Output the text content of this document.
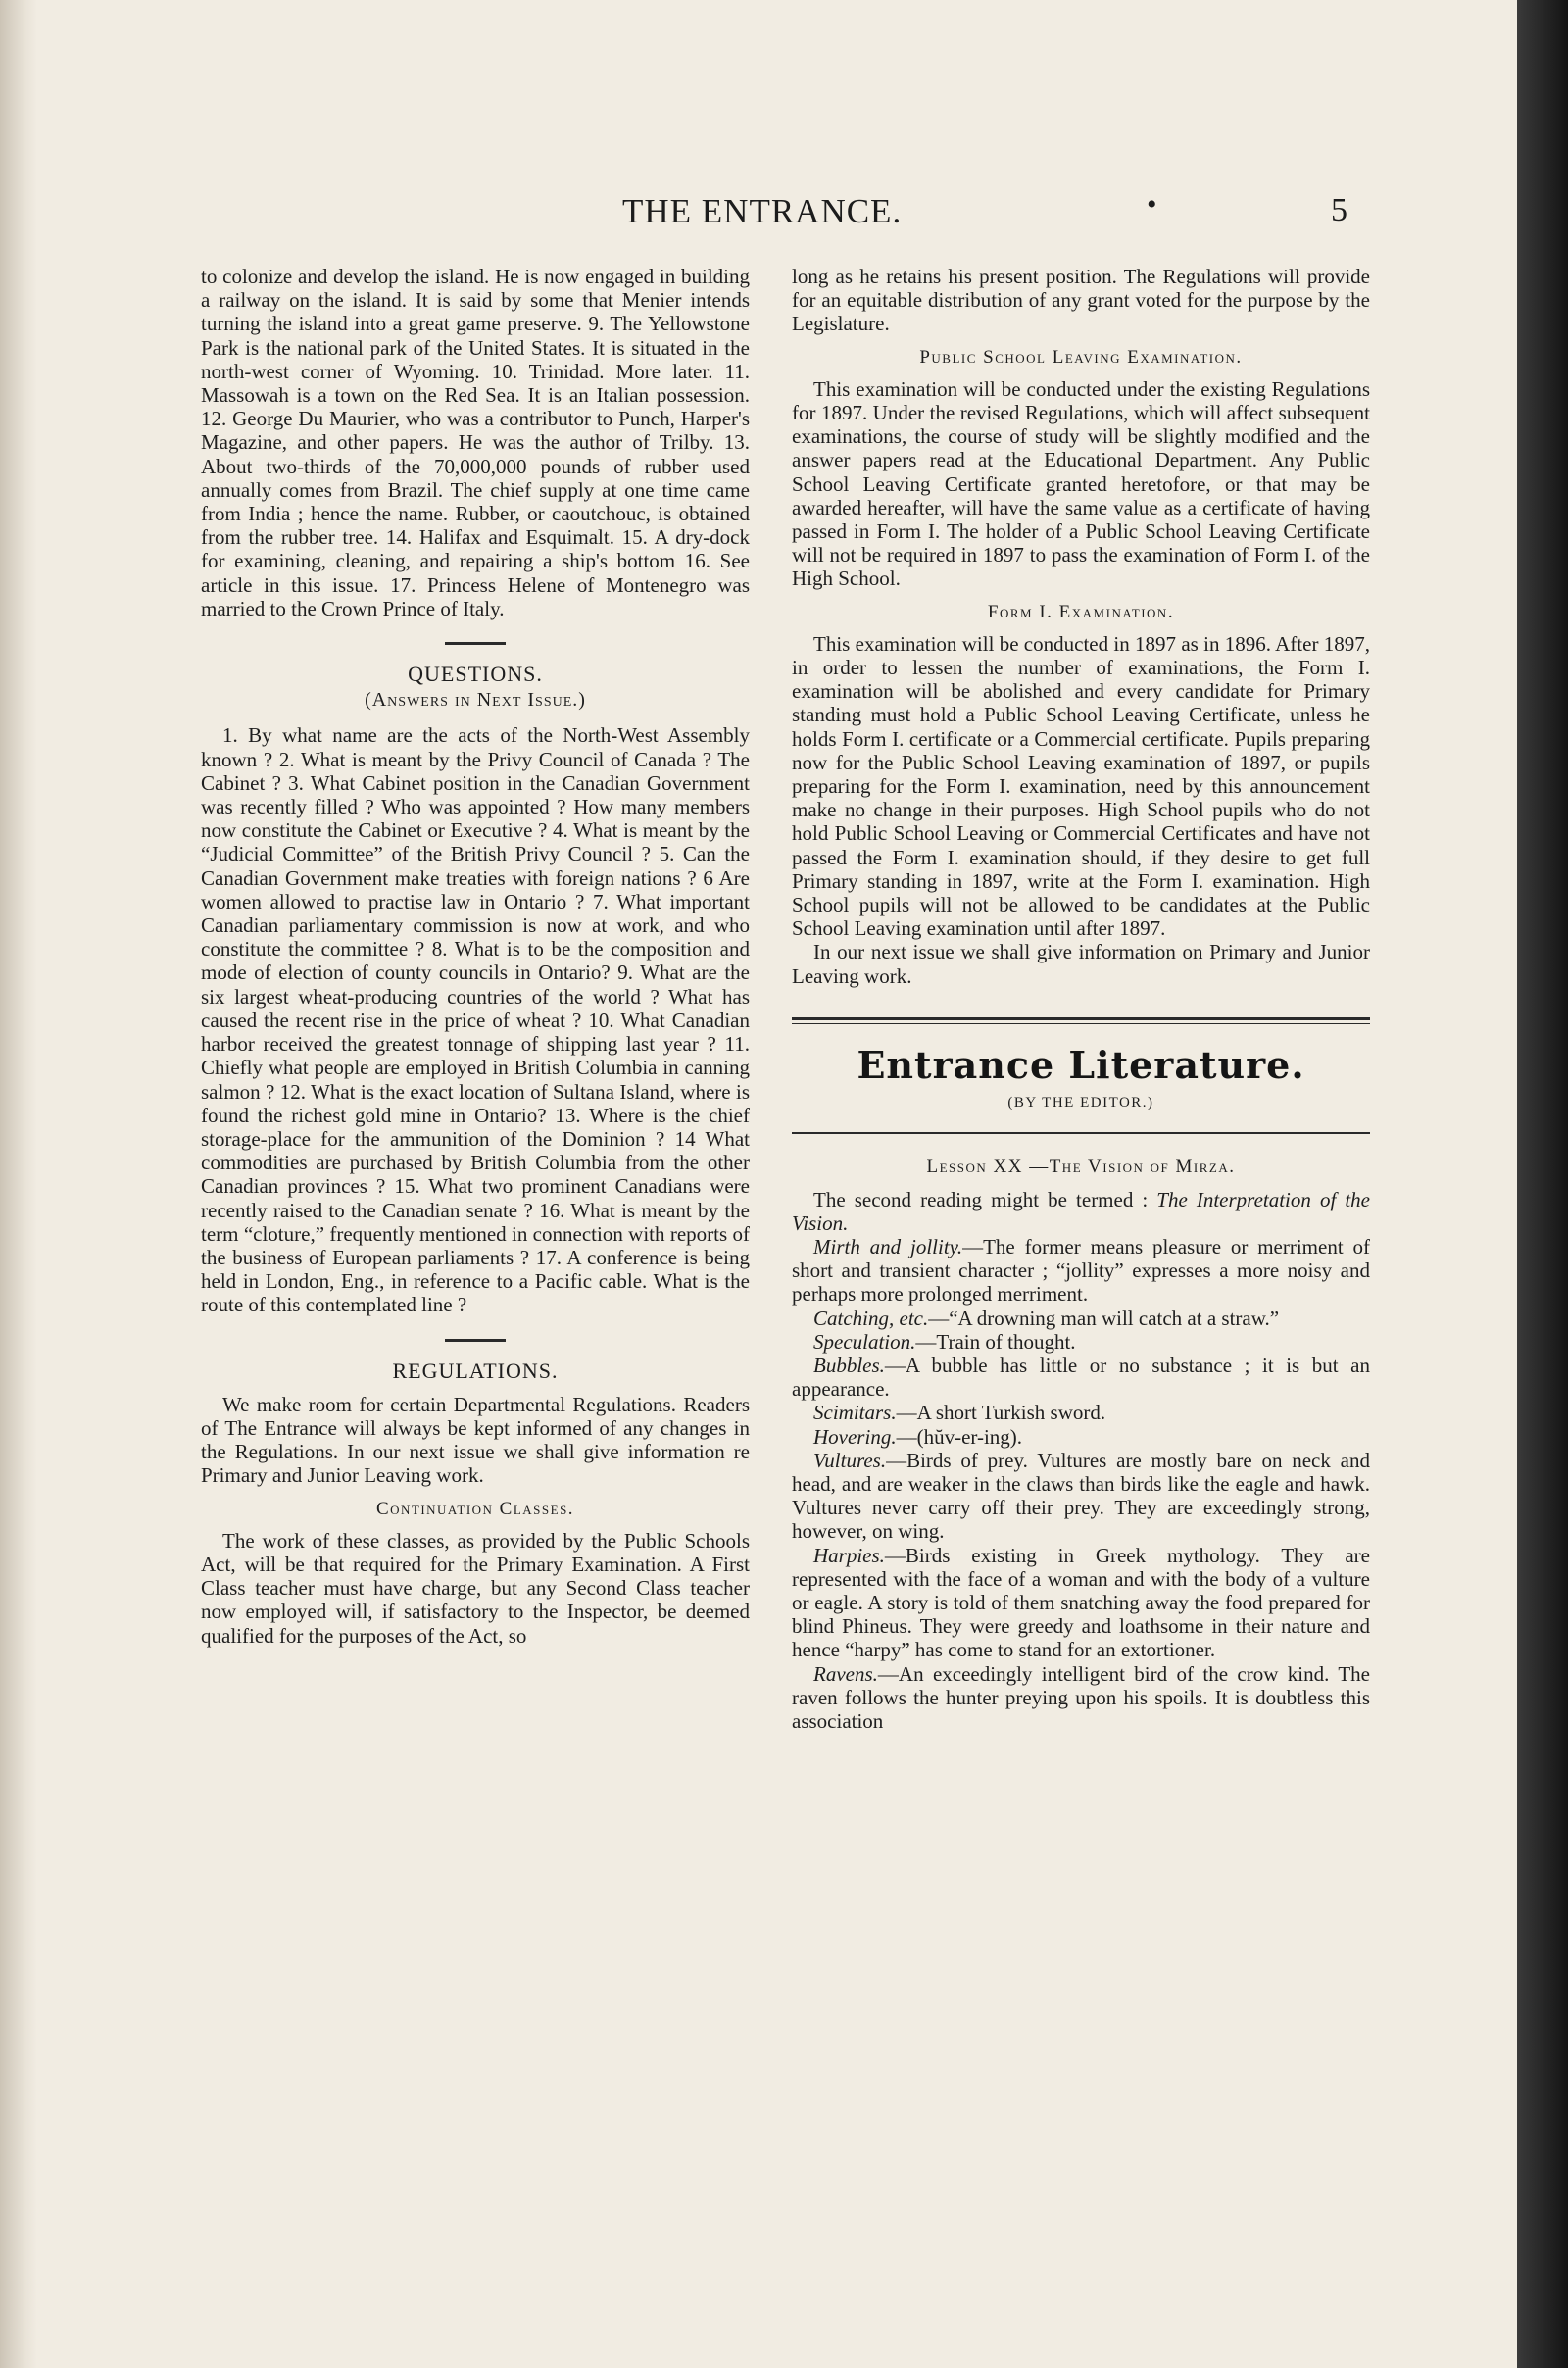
THE ENTRANCE.	•	5

to colonize and develop the island. He is now engaged in building a railway on the island. It is said by some that Menier intends turning the island into a great game preserve. 9. The Yellowstone Park is the national park of the United States. It is situated in the north-west corner of Wyoming. 10. Trinidad. More later. 11. Massowah is a town on the Red Sea. It is an Italian possession. 12. George Du Maurier, who was a contributor to Punch, Harper's Magazine, and other papers. He was the author of Trilby. 13. About two-thirds of the 70,000,000 pounds of rubber used annually comes from Brazil. The chief supply at one time came from India ; hence the name. Rubber, or caoutchouc, is obtained from the rubber tree. 14. Halifax and Esquimalt. 15. A dry-dock for examining, cleaning, and repairing a ship's bottom 16. See article in this issue. 17. Princess Helene of Montenegro was married to the Crown Prince of Italy.

QUESTIONS.
(Answers in Next Issue.)

1. By what name are the acts of the North-West Assembly known ? 2. What is meant by the Privy Council of Canada ? The Cabinet ? 3. What Cabinet position in the Canadian Government was recently filled ? Who was appointed ? How many members now constitute the Cabinet or Executive ? 4. What is meant by the “Judicial Committee” of the British Privy Council ? 5. Can the Canadian Government make treaties with foreign nations ? 6 Are women allowed to practise law in Ontario ? 7. What important Canadian parliamentary commission is now at work, and who constitute the committee ? 8. What is to be the composition and mode of election of county councils in Ontario? 9. What are the six largest wheat-producing countries of the world ? What has caused the recent rise in the price of wheat ? 10. What Canadian harbor received the greatest tonnage of shipping last year ? 11. Chiefly what people are employed in British Columbia in canning salmon ? 12. What is the exact location of Sultana Island, where is found the richest gold mine in Ontario? 13. Where is the chief storage-place for the ammunition of the Dominion ? 14 What commodities are purchased by British Columbia from the other Canadian provinces ? 15. What two prominent Canadians were recently raised to the Canadian senate ? 16. What is meant by the term “cloture,” frequently mentioned in connection with reports of the business of European parliaments ? 17. A conference is being held in London, Eng., in reference to a Pacific cable. What is the route of this contemplated line ?

REGULATIONS.

We make room for certain Departmental Regulations. Readers of The Entrance will always be kept informed of any changes in the Regulations. In our next issue we shall give information re Primary and Junior Leaving work.

Continuation Classes.

The work of these classes, as provided by the Public Schools Act, will be that required for the Primary Examination. A First Class teacher must have charge, but any Second Class teacher now employed will, if satisfactory to the Inspector, be deemed qualified for the purposes of the Act, so

long as he retains his present position. The Regulations will provide for an equitable distribution of any grant voted for the purpose by the Legislature.

Public School Leaving Examination.

This examination will be conducted under the existing Regulations for 1897. Under the revised Regulations, which will affect subsequent examinations, the course of study will be slightly modified and the answer papers read at the Educational Department. Any Public School Leaving Certificate granted heretofore, or that may be awarded hereafter, will have the same value as a certificate of having passed in Form I. The holder of a Public School Leaving Certificate will not be required in 1897 to pass the examination of Form I. of the High School.

Form I. Examination.

This examination will be conducted in 1897 as in 1896. After 1897, in order to lessen the number of examinations, the Form I. examination will be abolished and every candidate for Primary standing must hold a Public School Leaving Certificate, unless he holds Form I. certificate or a Commercial certificate. Pupils preparing now for the Public School Leaving examination of 1897, or pupils preparing for the Form I. examination, need by this announcement make no change in their purposes. High School pupils who do not hold Public School Leaving or Commercial Certificates and have not passed the Form I. examination should, if they desire to get full Primary standing in 1897, write at the Form I. examination. High School pupils will not be allowed to be candidates at the Public School Leaving examination until after 1897.

In our next issue we shall give information on Primary and Junior Leaving work.

Entrance Literature.
(BY THE EDITOR.)
Lesson XX —The Vision of Mirza.

The second reading might be termed : The Interpretation of the Vision.

Mirth and jollity.—The former means pleasure or merriment of short and transient character ; “jollity” expresses a more noisy and perhaps more prolonged merriment.

Catching, etc.—“A drowning man will catch at a straw.”

Speculation.—Train of thought.

Bubbles.—A bubble has little or no substance ; it is but an appearance.

Scimitars.—A short Turkish sword.

Hovering.—(hŭv-er-ing).

Vultures.—Birds of prey. Vultures are mostly bare on neck and head, and are weaker in the claws than birds like the eagle and hawk. Vultures never carry off their prey. They are exceedingly strong, however, on wing.

Harpies.—Birds existing in Greek mythology. They are represented with the face of a woman and with the body of a vulture or eagle. A story is told of them snatching away the food prepared for blind Phineus. They were greedy and loathsome in their nature and hence “harpy” has come to stand for an extortioner.

Ravens.—An exceedingly intelligent bird of the crow kind. The raven follows the hunter preying upon his spoils. It is doubtless this association
